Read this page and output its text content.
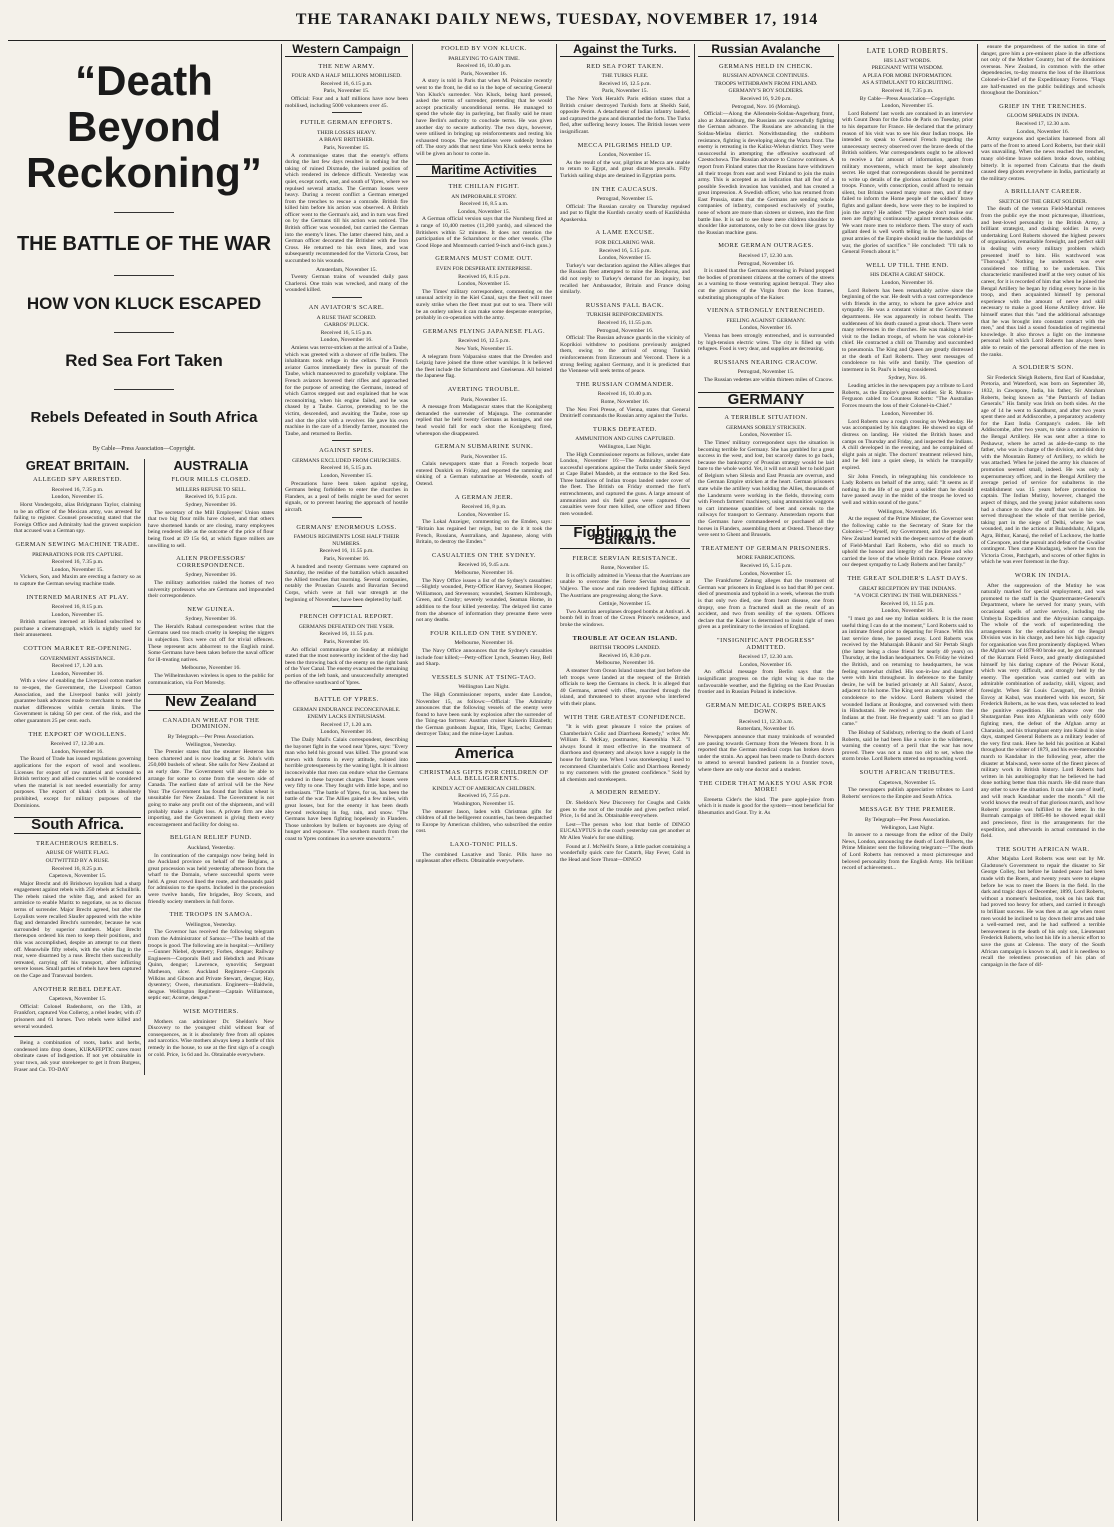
THE TARANAKI DAILY NEWS, TUESDAY, NOVEMBER 17, 1914
“Death Beyond Reckoning”
THE BATTLE OF THE WAR
HOW VON KLUCK ESCAPED
Red Sea Fort Taken
Rebels Defeated in South Africa
By Cable—Press Association—Copyright.
GREAT BRITAIN.
ALLEGED SPY ARRESTED.
Received 16, 7.35 p.m.
London, November 15.

Horst Vondergoltz, alias Bridgmann Taylor, claiming to be an officer of the Mexican army, was arrested for failing to register. Counsel prosecuting stated that the Foreign Office and Admiralty had the gravest suspicion that accused was a German spy.

GERMAN SEWING MACHINE TRADE.
PREPARATIONS FOR ITS CAPTURE.
Received 16, 7.35 p.m.
London, November 15.

Vickers, Son, and Maxim are erecting a factory so as to capture the German sewing machine trade.

INTERNED MARINES AT PLAY.
Received 16, 8.15 p.m.
London, November 15.

British marines interned at Holland subscribed to purchase a cinematograph, which is nightly used for their amusement.

COTTON MARKET RE-OPENING.
GOVERNMENT ASSISTANCE.
Received 17, 1.20 a.m.
London, November 16.

With a view of enabling the Liverpool cotton market to re-open, the Government, the Liverpool Cotton Association, and the Liverpool banks will jointly guarantee bank advances made to merchants to meet the market differences within certain limits. The Government is taking 50 per cent. of the risk, and the other guarantors 25 per cent. each.

THE EXPORT OF WOOLLENS.
Received 17, 12.30 a.m.
London, November 16.

The Board of Trade has issued regulations governing applications for the export of wool and woollens. Licenses for export of raw material and worsted to British territory and allied countries will be considered when the material is not needed essentially for army purposes. The export of khaki cloth is absolutely prohibited, except for military purposes of the Dominions.

South Africa.
TREACHEROUS REBELS.
ABUSE OF WHITE FLAG.
OUTWITTED BY A RUSE.
Received 16, 8.25 p.m.
Capetown, November 15.

Major Brecht and 46 Brisbown loyalists had a sharp engagement against rebels with 250 rebels at Schuilbrik. The rebels raised the white flag, and asked for an armistice to enable Maritz to negotiate, so as to discuss terms of surrender. Major Brecht agreed, but after the Loyalists were recalled Slaufer appeared with the white flag and demanded Brecht's surrender, because he was surrounded by superior numbers. Major Brecht thereupon ordered his men to keep their positions, and this was accomplished, despite an attempt to cut them off. Meanwhile fifty rebels, with the white flag in the rear, were disarmed by a ruse. Brecht then successfully retreated, carrying off his transport, after inflicting severe losses. Small parties of rebels have been captured on the Cape and Transvaal borders.

ANOTHER REBEL DEFEAT.
Capetown, November 15.

Official: Colonel Badenhorst, on the 13th, at Frankfort, captured Von Colleroy, a rebel leader, with 47 prisoners and 61 horses. Two rebels were killed and several wounded.

Being a combination of roots, barks and herbs, condensed into drop doses, KURAFEPTIC cures most obstinate cases of Indigestion. If not yet obtainable in your town, ask your storekeeper to get it from Burgess, Fraser and Co. TO-DAY

AUSTRALIA
FLOUR MILLS CLOSED.
MILLERS REFUSE TO SELL.
Received 16, 9.15 p.m.
Sydney, November 16.

The secretary of the Mill Employees' Union states that two big flour mills have closed, and that others have shortened hands or are closing, many employees being rendered idle as the outcome of the price of flour being fixed at £9 15s 6d, at which figure millers are unwilling to sell.

ALIEN PROFESSORS' CORRESPONDENCE.
Sydney, November 16.

The military authorities raided the homes of two university professors who are Germans and impounded their correspondence.

NEW GUINEA.
Sydney, November 16.

The Herald's Rabaul correspondent writes that the Germans used too much cruelty in keeping the niggers in subjection. Tocs were cut off for trivial offences. These represent acts abhorrent to the English mind. Some Germans have been taken before the naval officer for ill-treating natives.

Melbourne, November 16.

The Wilhelmshaven wireless is open to the public for communication, via Fort Moresby.

New Zealand
CANADIAN WHEAT FOR THE DOMINION.
By Telegraph.—Per Press Association.
Wellington, Yesterday.

The Premier states that the steamer Hesteron has been chartered and is now loading at St. John's with 250,000 bushels of wheat. She sails for New Zealand at an early date. The Government will also be able to arrange for some to come from the western side of Canada. The earliest date of arrival will be the New Year. The Government has found that Indian wheat is unsuitable for New Zealand. The Government is not going to make any profit out of the shipments, and will probably make a slight loss. A private firm are also importing, and the Government is giving them every encouragement and facility for doing so.

BELGIAN RELIEF FUND.
Auckland, Yesterday.

In continuation of the campaign now being held in the Auckland province on behalf of the Belgians, a great procession was held yesterday afternoon from the wharf to the Domain, where successful sports were held. A great crowd lined the route, and thousands paid for admission to the sports. Included in the procession were twelve bands, fire brigades, Boy Scouts, and friendly society members in full force.

THE TROOPS IN SAMOA.
Wellington, Yesterday.

The Governor has received the following telegram from the Administrator of Samoa:—"The health of the troops is good. The following are in hospital:—Artillery—Gunner Niebel, dysentery; Forbes, dengue; Railway Engineers—Corporals Bell and Hebditch and Private Quinn, dengue; Lawrence, synovitis; Sergeant Matheson, ulcer. Auckland Regiment—Corporals Wilkins and Gibson and Private Stewart, dengue; Hay, dysentery; Owen, rheumatism. Engineers—Baldwin, dengue. Wellington Regiment—Captain Williamson, septic ear; Acorne, dengue."

WISE MOTHERS.

Mothers can administer Dr. Sheldon's New Discovery to the youngest child without fear of consequences, as it is absolutely free from all opiates and narcotics. Wise mothers always keep a bottle of this remedy in the house, to use at the first sign of a cough or cold. Price, 1s 6d and 3s. Obtainable everywhere.

Western Campaign
THE NEW ARMY.
FOUR AND A HALF MILLIONS MOBILISED.
Received 16, 6.15 p.m.
Paris, November 15.

Official: Four and a half millions have now been mobilised, including 5000 volunteers over 45.

FUTILE GERMAN EFFORTS.
THEIR LOSSES HEAVY.
A BRAVE BRITISHER.
Paris, November 15.

A communique states that the enemy's efforts during the last few days resulted in nothing but the taking of ruined Dixmude, the isolated position of which rendered its defence difficult. Yesterday was quiet, except north, east, and south of Ypres, where we repulsed several attacks. The German losses were heavy. During a recent conflict a German emerged from the trenches to rescue a comrade. British fire killed him before his action was observed. A British officer went to the German's aid, and in turn was fired on by the Germans till his action was noticed. The British officer was wounded, but carried the German into the enemy's lines. The latter cheered him, and a German officer decorated the Britisher with the Iron Cross. He returned to his own lines, and was subsequently recommended for the Victoria Cross, but succumbed to his wounds.

Amsterdam, November 15.

Twenty German trains of wounded daily pass Charleroi. One train was wrecked, and many of the wounded killed.

AN AVIATOR'S SCARE.
A RUSE THAT SCORED.
GARROS' PLUCK.
Received 16, 5.15 p.m.
London, November 16.

Amiens was terror-stricken at the arrival of a Taube, which was greeted with a shower of rifle bullets. The inhabitants took refuge in the cellars. The French aviator Garros immediately flew in pursuit of the Taube, which manoeuvred to gracefully volplane. The French aviators hovered their rifles and approached for the purpose of arresting the Germans, instead of which Garros stepped out and explained that he was reconnoitring, when his engine failed, and he was chased by a Taube. Garros, pretending to be the victim, descended, and awaiting the Taube, rose up and shot the pilot with a revolver. He gave his own machine in the care of a friendly farmer, mounted the Taube, and returned to Berlin.

AGAINST SPIES.
GERMANS EXCLUDED FROM CHURCHES.
Received 16, 5.15 p.m.
London, November 15.

Precautions have been taken against spying, Germans being forbidden to enter the churches in Flanders, as a peal of bells might be used for secret signals, or to prevent hearing the approach of hostile aircraft.

GERMANS' ENORMOUS LOSS.
FAMOUS REGIMENTS LOSE HALF THEIR NUMBERS.
Received 16, 11.55 p.m.
Paris, November 16.

A hundred and twenty Germans were captured on Saturday, the residue of the battalion which assaulted the Allied trenches that morning. Several companies, notably the Prussian Guards and Bavarian Second Corps, which were at full war strength at the beginning of November, have been depleted by half.

FRENCH OFFICIAL REPORT.
GERMANS DEFEATED ON THE YSER.
Received 16, 11.55 p.m.
Paris, November 16.

An official communique on Sunday at midnight stated that the most noteworthy incident of the day had been the throwing back of the enemy on the right bank of the Yser Canal. The enemy evacuated the remaining portion of the left bank, and unsuccessfully attempted the offensive southward of Ypres.

BATTLE OF YPRES.
GERMAN ENDURANCE INCONCEIVABLE.
ENEMY LACKS ENTHUSIASM.
Received 17, 1.20 a.m.
London, November 16.

The Daily Mail's Calais correspondent, describing the bayonet fight in the wood near Ypres, says: "Every man who held his ground was killed. The ground was strewn with forms in every attitude, twisted into horrible grotesqueness by the waning light. It is almost inconceivable that men can endure what the Germans endured in these bayonet charges. Their losses were very fifty to one. They fought with little hope, and no enthusiasm. "The battle of Ypres, for us, has been the battle of the war. The Allies gained a few miles, with great losses, but for the enemy it has been death beyond reckoning in fog, rain, and snow. "The Germans have been fighting hopelessly in Flanders. Those unbroken by bullets or bayonets are dying of hunger and exposure. "The southern march from the coast to Ypres continues in a severe snowstorm."

FOOLED BY VON KLUCK.
PARLEYING TO GAIN TIME.
Received 16, 10.40 p.m.
Paris, November 16.

A story is told in Paris that when M. Poincaire recently went to the front, he did so in the hope of securing General Von Kluck's surrender. Von Kluck, being hard pressed, asked the terms of surrender, pretending that he would accept practically unconditional terms. He managed to spend the whole day in parleying, but finally said he must have Berlin's authority to conclude terms. He was given another day to secure authority. The two days, however, were utilised in bringing up reinforcements and resting his exhausted troops. The negotiations were suddenly broken off. The story adds that next time Von Kluck seeks terms he will be given an hour to come in.

Maritime Activities
THE CHILIAN FIGHT.
AN IMPROBABLE STORY.
Received 16, 8.5 a.m.
London, November 15.

A German official version says that the Nurnberg fired at a range of 10,400 metres (11,200 yards), and silenced the Britishers within 52 minutes. It does not mention the participation of the Scharnhorst or the other vessels. (The Good Hope and Monmouth carried 9-inch and 6-inch guns.)

GERMANS MUST COME OUT.
EVEN FOR DESPERATE ENTERPRISE.
Received 16, 8.15 p.m.
London, November 15.

The Times' military correspondent, commenting on the unusual activity in the Kiel Canal, says the fleet will meet surely strike when the fleet must put out to sea. There will be an outlery unless it can make some desperate enterprise, probably in co-operation with the army.

GERMANS FLYING JAPANESE FLAG.
Received 16, 12.5 p.m.
New York, November 15.

A telegram from Valparaiso states that the Dresden and Leipzig have joined the three other warships. It is believed the fleet include the Scharnhorst and Gneisenau. All hoisted the Japanese flag.

AVERTING TROUBLE.
Paris, November 15.

A message from Madagascar states that the Konigsberg demanded the surrender of Majunga. The commander replied that he held twenty Germans as hostages, and one head would fall for each shot the Konigsberg fired, whereupon she disappeared.

GERMAN SUBMARINE SUNK.
Paris, November 15.

Calais newspapers state that a French torpedo boat entered Dunkirk on Friday, and reported the ramming and sinking of a German submarine at Westende, south of Ostend.

A GERMAN JEER.
Received 16, 8 p.m.
London, November 15.

The Lokal Anzeiger, commenting on the Emden, says: "Britain has regained her reign, but to do it it took the French, Russians, Australians, and Japanese, along with Britain, to destroy the Emden."

CASUALTIES ON THE SYDNEY.
Received 16, 9.45 a.m.
Melbourne, November 16.

The Navy Office issues a list of the Sydney's casualties:—Slightly wounded, Petty-Officer Harvey, Seamen Hooper, Williamson, and Stevenson; wounded, Seamen Kimbrough, Green, and Crosby; severely wounded, Seaman Horne, in addition to the four killed yesterday. The delayed list came from the absence of information they presume there were not any deaths.

FOUR KILLED ON THE SYDNEY.
Melbourne, November 16.

The Navy Office announces that the Sydney's casualties include four killed;—Petty-officer Lynch, Seamen Hoy, Bell and Sharp.

VESSELS SUNK AT TSING-TAO.
Wellington Last Night.

The High Commissioner reports, under date London, November 15, as follows:—Official: The Admiralty announces that the following vessels of the enemy were found to have been sunk by explosion after the surrender of the Tsing-tao fortress: Austrian cruiser Kaiserin Elizabeth; the German gunboats Jaguar, Iltis, Tiger, Luchs; German destroyer Taku; and the mine-layer Lauban.

America
CHRISTMAS GIFTS FOR CHILDREN OF ALL BELLIGERENTS.
KINDLY ACT OF AMERICAN CHILDREN.
Received 16, 7.55 p.m.
Washington, November 15.

The steamer Jason, laden with Christmas gifts for children of all the belligerent countries, has been despatched to Europe by American children, who subscribed the entire cost.

LAXO-TONIC PILLS.

The combined Laxative and Tonic. Pills have no unpleasant after effects. Obtainable everywhere.

Against the Turks.
RED SEA FORT TAKEN.
THE TURKS FLEE.
Received 16, 12.5 p.m.
Paris, November 15.

The New York Herald's Paris edition states that a British cruiser destroyed Turkish forts at Sheikh Said, opposite Perim. A detachment of Indian infantry landed, and captured the guns and dismantled the forts. The Turks fled, after suffering heavy losses. The British losses were insignificant.

MECCA PILGRIMS HELD UP.
London, November 15.

As the result of the war, pilgrims at Mecca are unable to return to Egypt, and great distress prevails. Fifty Turkish sailing ships are detained in Egyptian ports.

IN THE CAUCASUS.
Petrograd, November 15.

Official: The Russian cavalry on Thursday repulsed and put to flight the Kurdish cavalry south of Kazikhisha Apaskerska.

A LAME EXCUSE.
FOR DECLARING WAR.
Received 16, 5.15 p.m.
London, November 15.

Turkey's war declaration against the Allies alleges that the Russian fleet attempted to mine the Bosphorus, and did not reply to Turkey's demand for an inquiry, but recalled her Ambassador, Britain and France doing similarly.

RUSSIANS FALL BACK.
TURKISH REINFORCEMENTS.
Received 16, 11.55 p.m.
Petrograd, November 16.

Official: The Russian advance guards in the vicinity of Koprikioi withdrew to positions previously assigned them, owing to the arrival of strong Turkish reinforcements from Erzeroum and Vercond. There is a strong feeling against Germany, and it is predicted that the Viennese will seek terms of peace.

THE RUSSIAN COMMANDER.
Received 16, 10.40 p.m.
Rome, November 16.

The Neu Frei Presse, of Vienna, states that General Dmitrieff commands the Russian army against the Turks.

TURKS DEFEATED.
AMMUNITION AND GUNS CAPTURED.
Wellington, Last Night.

The High Commissioner reports as follows, under date London, November 16:—The Admiralty announces successful operations against the Turks under Sheik Seyd at Cape Babel Mandeb, at the entrance to the Red Sea. Three battalions of Indian troops landed under cover of the fleet. The British on Friday stormed the fort's entrenchments, and captured the guns. A large amount of ammunition and six field guns were captured. Our casualties were four men killed, one officer and fifteen men wounded.

Fighting in the Balkans.
FIERCE SERVIAN RESISTANCE.
Rome, November 15.

It is officially admitted in Vienna that the Austrians are unable to overcome the fierce Servian resistance at Valjevo. The snow and rain rendered fighting difficult. The Austrians are progressing along the Save.

Cettinje, November 15.

Two Austrian aeroplanes dropped bombs at Antivari. A bomb fell in front of the Crown Prince's residence, and broke the windows.

TROUBLE AT OCEAN ISLAND.
BRITISH TROOPS LANDED.
Received 16, 8.30 p.m.
Melbourne, November 16.

A steamer from Ocean Island states that just before she left troops were landed at the request of the British officials to keep the Germans in check. It is alleged that 40 Germans, armed with rifles, marched through the island, and threatened to shoot anyone who interfered with their plans.

WITH THE GREATEST CONFIDENCE.

"It is with great pleasure I voice the praises of Chamberlain's Colic and Diarrhoea Remedy," writes Mr. William E. McKay, postmaster, Kaeomihia N.Z. "I always found it most effective in the treatment of diarrhoea and dysentery and always have a supply in the house for family use. When I was storekeeping I used to recommend Chamberlain's Colic and Diarrhoea Remedy to my customers with the greatest confidence." Sold by all chemists and storekeepers.

A MODERN REMEDY.

Dr. Sheldon's New Discovery for Coughs and Colds goes to the root of the trouble and gives perfect relief. Price, 1s 6d and 3s. Obtainable everywhere.

Lest—The person who lost that bottle of DINGO EUCALYPTUS in the coach yesterday can get another at Mr Allen Veale's for one shilling.

Found at J. McNeill's Store, a little packet containing a wonderfully quick cure for Catarrh, Hay Fever, Cold in the Head and Sore Throat—DINGO

Russian Avalanche
GERMANS HELD IN CHECK.
RUSSIAN ADVANCE CONTINUES.
TROOPS WITHDRAWN FROM FINLAND.
GERMANY'S BOY SOLDIERS.
Received 16, 9.20 p.m.
Petrograd, Nov. 16 (Morning).

Official:—Along the Allenstein-Soldau-Angerburg front, also at Johannisburg, the Russians are successfully fighting the German advance. The Russians are advancing in the Soldau-Mielau district. Notwithstanding the stubborn resistance, fighting is developing along the Warta front. The enemy is retreating in the Kalisz-Wielun district. They were unsuccessful in attempting the offensive southward of Czestochowa. The Russian advance to Cracow continues. A report from Finland states that the Russians have withdrawn all their troops from east and west Finland to join the main army. This is accepted as an indication that all fear of a possible Swedish invasion has vanished, and has created a great impression. A Swedish officer, who has returned from East Prussia, states that the Germans are sending whole companies of infantry, composed exclusively of youths, none of whom are more than sixteen or sixteen, into the first battle line. It is sad to see these mere children shoulder to shoulder like automatons, only to be cut down like grass by the Russian machine guns.

MORE GERMAN OUTRAGES.
Received 17, 12.30 a.m.
Petrograd, November 16.

It is stated that the Germans retreating in Poland propped the bodies of prominent citizens at the corners of the streets as a warning to those venturing against betrayal. They also cut the pictures of the Virgin from the Icon frames, substituting photographs of the Kaiser.

VIENNA STRONGLY ENTRENCHED.
FEELING AGAINST GERMANY.
London, November 16.

Vienna has been strongly entrenched, and is surrounded by high-tension electric wires. The city is filled up with refugees. Food is very dear, and supplies are decreasing.

RUSSIANS NEARING CRACOW.
Petrograd, November 15.

The Russian vedettes are within thirteen miles of Cracow.

GERMANY
A TERRIBLE SITUATION.
GERMANS SORELY STRICKEN.
London, November 15.

The Times' military correspondent says the situation is becoming terrible for Germany. She has gambled for a great success in the west, and lost, but scarcely dares to go back, because the bankruptcy of Prussian strategy would be laid bare to the whole world. Yet, it will not avail her to hold part of Belgium when Silesia and East Prussia are overrun, and the German Empire stricken at the heart. German prisoners state while the artillery was holding the Allies, thousands of the Landsturm were working in the fields, throwing corn with French farmers' machinery, using ammunition waggons to cart immense quantities of beet and cereals to the railways for transport to Germany. Amsterdam reports that the Germans have commandeered or purchased all the horses in Flanders, assembling them at Ostend. Thence they were sent to Ghent and Brussels.

TREATMENT OF GERMAN PRISONERS.
MORE FABRICATIONS.
Received 16, 5.15 p.m.
London, November 15.

The Frankfurter Zeitung alleges that the treatment of German war prisoners in England is so bad that 80 per cent. died of pneumonia and typhoid in a week, whereas the truth is that only two died, one from heart disease, one from dropsy, one from a fractured skull as the result of an accident, and two from senility of the system. Officers declare that the Kaiser is determined to insist right of men given as a preliminary to the invasion of England.

"INSIGNIFICANT PROGRESS" ADMITTED.
Received 17, 12.30 a.m.
London, November 16.

An official message from Berlin says that the insignificant progress on the right wing is due to the unfavourable weather, and the fighting on the East Prussian frontier and in Russian Poland is indecisive.

GERMAN MEDICAL CORPS BREAKS DOWN.
Received 11, 12.30 a.m.
Rotterdam, November 16.

Newspapers announce that many trainloads of wounded are passing towards Germany from the Western front. It is reported that the German medical corps has broken down under the strain. An appeal has been made to Dutch doctors to attend to several hundred patients in a frontier town, where there are only one doctor and a student.

THE CIDER THAT MAKES YOU ASK FOR MORE!

Erenetta Cider's the kind. The pure apple-juice from which it is made is good for the system—most beneficial for Rheumatics and Gout. Try it. As

LATE LORD ROBERTS.
HIS LAST WORDS.
PREGNANT WITH WISDOM.
A PLEA FOR MORE INFORMATION.
AS A STIMULANT TO RECRUITING.
Received 16, 7.35 p.m.
By Cable—Press Association—Copyright.
London, November 15.

Lord Roberts' last words are contained in an interview with Count Dean for the Echo de Paris on Tuesday, prior to his departure for France. He declared that the primary reason of his visit was to see his dear Indian troops. He intended to speak to General French regarding the unnecessary secrecy observed over the brave deeds of the British soldiers. War correspondents ought to be allowed to receive a fair amount of information, apart from military movements, which must be kept absolutely secret. He urged that correspondents should be permitted to write up details of the glorious actions fought by our troops. France, with conscription, could afford to remain silent, but Britain wanted many more men, and if they failed to inform the Home people of the soldiers' brave fights and gallant deeds, how were they to be inspired to join the army? He added: "The people don't realise our men are fighting continuously against tremendous odds. We want more men to reinforce them. The story of each gallant deed is well worth telling in the home, and the great armies of the Empire should realise the hardships of war, the glories of sacrifice." He concluded: "I'll talk to General French about it."

WELL UP TILL THE END.
HIS DEATH A GREAT SHOCK.
London, November 16.

Lord Roberts has been remarkably active since the beginning of the war. He dealt with a vast correspondence with friends in the army, to whom he gave advice and sympathy. He was a constant visitor at the Government departments. He was apparently in robust health. The suddenness of his death caused a great shock. There were many references in the churches. He was making a brief visit to the Indian troops, of whom he was colonel-in-chief. He contracted a chill on Thursday and succumbed to pneumonia. The King and Queen are greatly distressed at the death of Earl Roberts. They sent messages of condolence to his wife and family. The question of interment in St. Paul's is being considered.

Sydney, Nov. 16.

Leading articles in the newspapers pay a tribute to Lord Roberts, as the Empire's greatest soldier. Sir R. Munro-Ferguson cabled to Countess Roberts: "The Australian Forces mourn the loss of their Colonel-in-Chief."

London, November 16.

Lord Roberts saw a rough crossing on Wednesday. He was accompanied by his daughter. He showed no sign of distress on landing. He visited the British bases and camps on Thursday and Friday, and inspected the Indians. A chill developed in the evening, and he complained of slight pain at night. The doctors' treatment relieved him, and he fell into a quiet sleep, in which he tranquilly expired.

Sir John French, in telegraphing his condolence to Lady Roberts on behalf of the army, said: "It seems as if nothing in the life of so great a soldier than he should have passed away in the midst of the troops he loved so well and within sound of the guns."

Wellington, November 16.

At the request of the Prime Minister, the Governor sent the following cable to the Secretary of State for the Colonies:—"Myself, my Government, and the people of New Zealand learned with the deepest sorrow of the death of Field-Marshal Earl Roberts, who did so much to uphold the honour and integrity of the Empire and who carried the love of the whole British race. Please convey our deepest sympathy to Lady Roberts and her family."

THE GREAT SOLDIER'S LAST DAYS.
GREAT RECEPTION BY THE INDIANS.
"A VOICE CRYING IN THE WILDERNESS."
Received 16, 11.55 p.m.
London, November 16.

"I must go and see my Indian soldiers. It is the most useful thing I can do at the moment," Lord Roberts said to an intimate friend prior to departing for France. With this last service done, he passed away. Lord Roberts was received by the Maharajah Bikanir and Sir Pertab Singh (the latter being a close friend for nearly 40 years) on Thursday, at the Indian headquarters. On Friday he visited the British, and on returning to headquarters, he was feeling somewhat chilled. His son-in-law and daughter were with him throughout. In deference to the family desire, he will be buried privately at All Saints', Ascot, adjacent to his home. The King sent an autograph letter of condolence to the widow. Lord Roberts visited the wounded Indians at Boulogne, and conversed with them in Hindustani. He received a great ovation from the Indians at the front. He frequently said: "I am so glad I came."

The Bishop of Salisbury, referring to the death of Lord Roberts, said he had been like a voice in the wilderness, warning the country of a peril that the war has now proved. There was not a man too old to set, when the storm broke. Lord Roberts uttered no reproaching word.

SOUTH AFRICAN TRIBUTES.
Capetown, November 15.

The newspapers publish appreciative tributes to Lord Roberts' services to the Empire and South Africa.

MESSAGE BY THE PREMIER.
By Telegraph—Per Press Association.
Wellington, Last Night.

In answer to a message from the editor of the Daily News, London, announcing the death of Lord Roberts, the Prime Minister sent the following telegram:—"The death of Lord Roberts has removed a most picturesque and beloved personality from the English Army. His brilliant record of achievement...

ensure the preparedness of the nation in time of danger, gave him a pre-eminent place in the affections not only of the Mother Country, but of the dominions overseas. New Zealand, in common with the other dependencies, to-day mourns the loss of the illustrious Colonel-in-Chief of the Expeditionary Forces. "Flags are half-masted on the public buildings and schools throughout the Dominion."

GRIEF IN THE TRENCHES.
GLOOM SPREADS IN INDIA.
Received 17, 12.30 a.m.
London, November 16.

Army surgeons and specialists hastened from all parts of the front to attend Lord Roberts, but their skill was unavailing. When the news reached the trenches, many old-time brave soldiers broke down, sobbing bitterly. It is reported from Calcutta that the death caused deep gloom everywhere in India, particularly at the military centres.

A BRILLIANT CAREER.
SKETCH OF THE GREAT SOLDIER.

The death of the veteran Field-Marshal removes from the public eye the most picturesque, illustrious, and best-loved personality in the British Army, a brilliant strategist, and dashing soldier. In every undertaking Lord Roberts showed the highest powers of organisation, remarkable foresight, and perfect skill in dealing with every military problem which presented itself to him. His watchword was "Thorough." Nothing he undertook was ever considered too trifling to be undertaken. This characteristic manifested itself at the very outset of his career, for it is recorded of him that when he joined the Bengal Artillery he began by riding every horse in his troop, and then acquainted himself by personal experience with the amount of nerve and skill necessary to make a good Horse Artillery driver. He himself states that this "and the additional advantage that he was brought into constant contact with the men," and thus laid a sound foundation of regimental knowledge. It also throws a light on the immense personal hold which Lord Roberts has always been able to retain of the personal affection of the men in the ranks.

A SOLDIER'S SON.

Sir Frederick Sleigh Roberts, first Earl of Kandahar, Pretoria, and Waterford, was born on September 30, 1832, in Cawnpore, India, his father, Sir Abraham Roberts, being known as "the Patriarch of Indian Generals." His family was Irish on both sides. At the age of 14 he went to Sandhurst, and after two years spent there and at Addiscombe, a preparatory academy for the East India Company's cadets. He left Addiscombe, after two years, to take a commission in the Bengal Artillery. He was sent after a time to Peshawur, where he acted as aide-de-camp to the father, who was in charge of the division, and did duty with the Mountain Battery of Artillery, to which he was attached. When he joined the army his chances of promotion seemed small, indeed. He was only a supernumerary officer, and in the Bengal Artillery the average period of service for subalterns in the establishment was 15 years before promotion to captain. The Indian Mutiny, however, changed the aspect of things, and the young junior subalterns soon had a chance to show the stuff that was in him. He served throughout the whole of that terrible period, taking part in the siege of Delhi, where he was wounded, and in the actions at Bulandshahr, Aligarh, Agra, Bithur, Kanauj, the relief of Lucknow, the battle of Cawnpore, and the pursuit and defeat of the Gwalior contingent. Then came Khudaganj, where he won the Victoria Cross, Patchgarh, and scores of other fights in which he was ever foremost in the fray.

WORK IN INDIA.

After the suppression of the Mutiny he was naturally marked for special employment, and was promoted to the staff in the Quartermaster-General's Department, where he served for many years, with occasional spells of active service, including the Umbeyla Expedition and the Abyssinian campaign. The whole of the work of superintending the arrangements for the embarkation of the Bengal Division was in his charge, and here his high capacity for organisation was first prominently displayed. When the Afghan war of 1878-80 broke out, he got command of the Kurram Field Force, and greatly distinguished himself by his daring capture of the Peiwar Kotal, which was very difficult, and strongly held by the enemy. The operation was carried out with an admirable combination of audacity, skill, vigour, and foresight. When Sir Louis Cavagnari, the British Envoy at Kabul, was murdered with his escort, Sir Frederick Roberts, as he was then, was selected to lead the punitive expedition. His advance over the Shutargardan Pass into Afghanistan with only 6500 fighting men, the defeat of the Afghan army at Charasiab, and his triumphant entry into Kabul in nine days, stamped General Roberts as a military leader of the very first rank. Here he held his position at Kabul throughout the winter of 1879, and his ever-memorable march to Kandahar in the following year, after the disaster at Maiwand, were some of the finest pieces of military work in British history. Lord Roberts had written in his autobiography that he believed he had done nothing better than this march. He did more than any other to save the situation. It can take care of itself, and will reach Kandahar under the month." All the world knows the result of that glorious march, and how Roberts' promise was fulfilled to the letter. In the Burmah campaign of 1885-86 he showed equal skill and prescience, first in the arrangements for the expedition, and afterwards in actual command in the field.

THE SOUTH AFRICAN WAR.

After Majuba Lord Roberts was sent out by Mr. Gladstone's Government to repair the disaster to Sir George Colley, but before he landed peace had been made with the Boers, and twenty years were to elapse before he was to meet the Boers in the field. In the dark and tragic days of December, 1899, Lord Roberts, without a moment's hesitation, took on his task that had proved too heavy for others, and carried it through to brilliant success. He was then at an age when most men would be inclined to lay down their arms and take a well-earned rest, and he had suffered a terrible bereavement in the death of his only son, Lieutenant Frederick Roberts, who lost his life in a heroic effort to save the guns at Colenso. The story of the South African campaign is known to all, and it is needless to recall the relentless prosecution of his plan of campaign in the face of dif-
